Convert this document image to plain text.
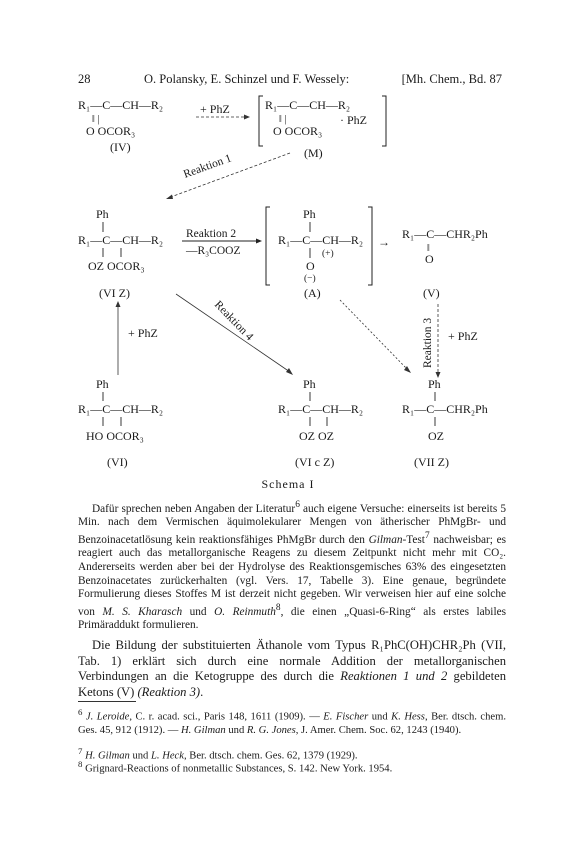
28	O. Polansky, E. Schinzel und F. Wessely:	[Mh. Chem., Bd. 87
R₁—C—CH—R₂
‖ |
O OCOR₃
(IV)
+ PhZ	R₁—C—CH—R₂
‖ |	· PhZ
O OCOR₃
(M)
Reaktion 1
Ph
R₁—C—CH—R₂
OZ OCOR₃
(VI Z)
Reaktion 2
—R₃COOZ
Ph
R₁—C—CH—R₂
(+)
O
(−)
(A)
→
R₁—C—CHR₂Ph
‖
O
(V)
+ PhZ	Reaktion 4	Reaktion 3 + PhZ
Ph
R₁—C—CH—R₂
HO OCOR₃
(VI)
Ph
R₁—C—CH—R₂
OZ OZ
(VI c Z)
Ph
R₁—C—CHR₂Ph
OZ
(VII Z)
Schema I
Dafür sprechen neben Angaben der Literatur$^6$ auch eigene Versuche: einerseits ist bereits 5 Min. nach dem Vermischen äquimolekularer Mengen von ätherischer PhMgBr- und Benzoinacetatlösung kein reaktionsfähiges PhMgBr durch den Gilman-Test$^7$ nachweisbar; es reagiert auch das metallorganische Reagens zu diesem Zeitpunkt nicht mehr mit CO₂. Andererseits werden aber bei der Hydrolyse des Reaktionsgemisches 63% des eingesetzten Benzoinacetates zurückerhalten (vgl. Vers. 17, Tabelle 3). Eine genaue, begründete Formulierung dieses Stoffes M ist derzeit nicht gegeben. Wir verweisen hier auf eine solche von M. S. Kharasch und O. Reinmuth$^8$, die einen „Quasi-6-Ring“ als erstes labiles Primäraddukt formulieren.
Die Bildung der substituierten Äthanole vom Typus R₁PhC(OH)CHR₂Ph (VII, Tab. 1) erklärt sich durch eine normale Addition der metallorganischen Verbindungen an die Ketogruppe des durch die Reaktionen 1 und 2 gebildeten Ketons (V) (Reaktion 3).
$^6$ J. Leroide, C. r. acad. sci., Paris 148, 1611 (1909). — E. Fischer und K. Hess, Ber. dtsch. chem. Ges. 45, 912 (1912). — H. Gilman und R. G. Jones, J. Amer. Chem. Soc. 62, 1243 (1940).
$^7$ H. Gilman und L. Heck, Ber. dtsch. chem. Ges. 62, 1379 (1929).
$^8$ Grignard-Reactions of nonmetallic Substances, S. 142. New York. 1954.
